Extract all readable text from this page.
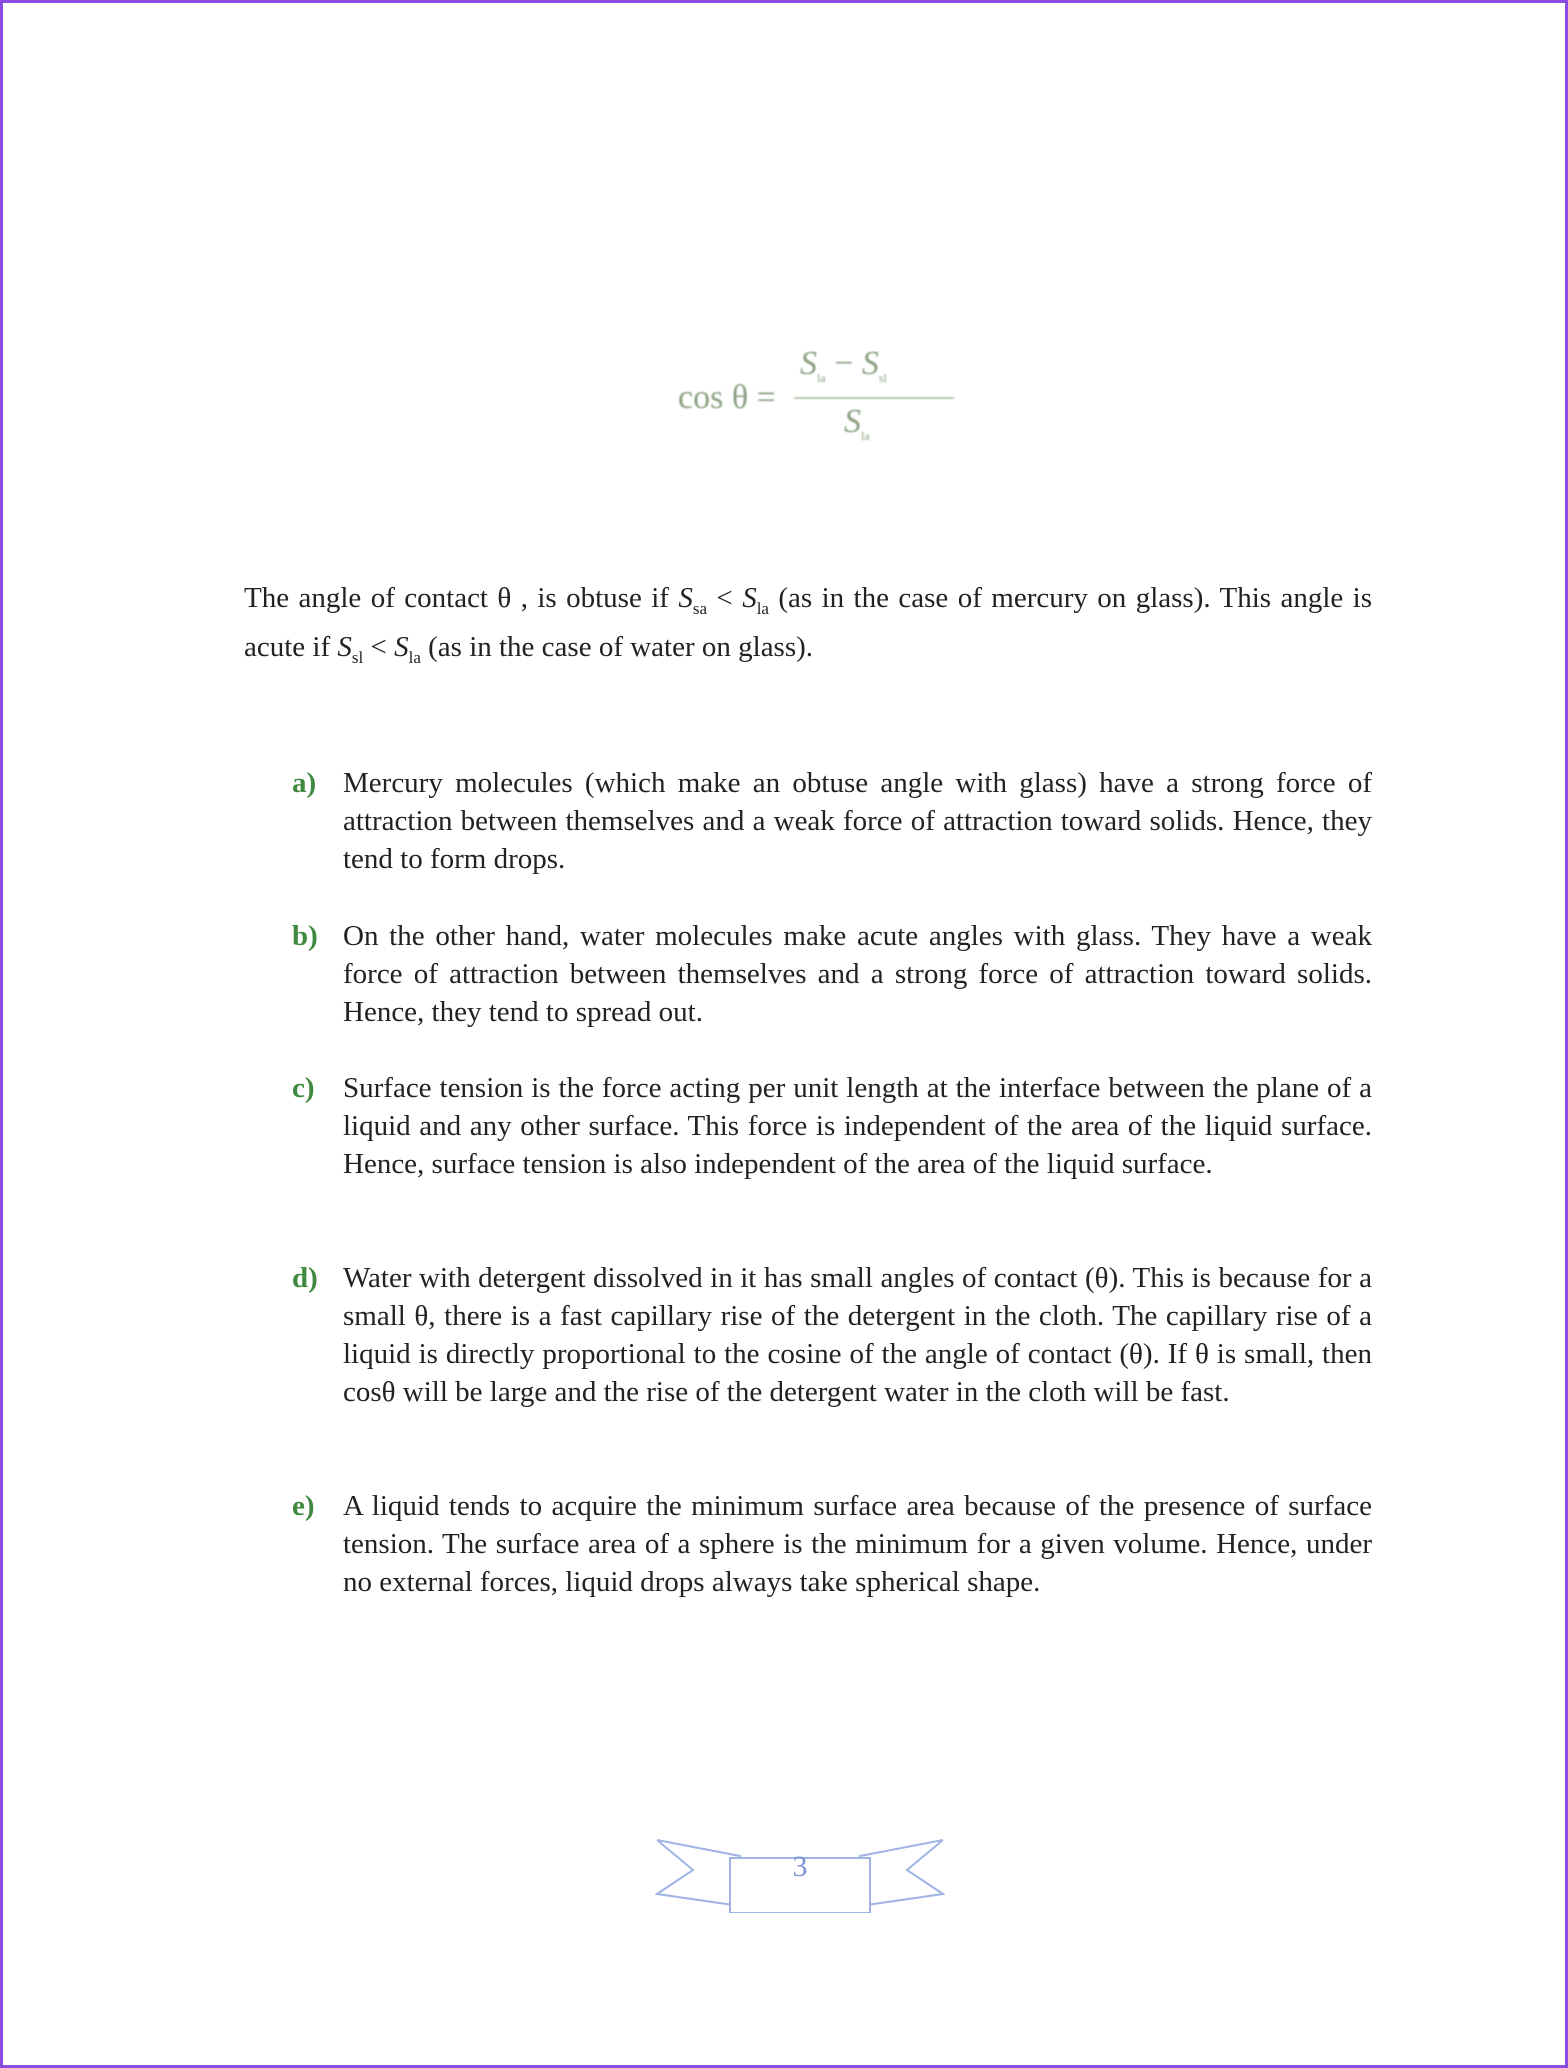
cos θ =
$S_{la} - S_{sl}$
$S_{la}$
The angle of contact θ , is obtuse if $S_{sa} < S_{la}$ (as in the case of mercury on glass). This angle is acute if $S_{sl} < S_{la}$ (as in the case of water on glass).
a) Mercury molecules (which make an obtuse angle with glass) have a strong force of attraction between themselves and a weak force of attraction toward solids. Hence, they tend to form drops.
b) On the other hand, water molecules make acute angles with glass. They have a weak force of attraction between themselves and a strong force of attraction toward solids. Hence, they tend to spread out.
c) Surface tension is the force acting per unit length at the interface between the plane of a liquid and any other surface. This force is independent of the area of the liquid surface. Hence, surface tension is also independent of the area of the liquid surface.
d) Water with detergent dissolved in it has small angles of contact (θ). This is because for a small θ, there is a fast capillary rise of the detergent in the cloth. The capillary rise of a liquid is directly proportional to the cosine of the angle of contact (θ). If θ is small, then cosθ will be large and the rise of the detergent water in the cloth will be fast.
e) A liquid tends to acquire the minimum surface area because of the presence of surface tension. The surface area of a sphere is the minimum for a given volume. Hence, under no external forces, liquid drops always take spherical shape.
3
